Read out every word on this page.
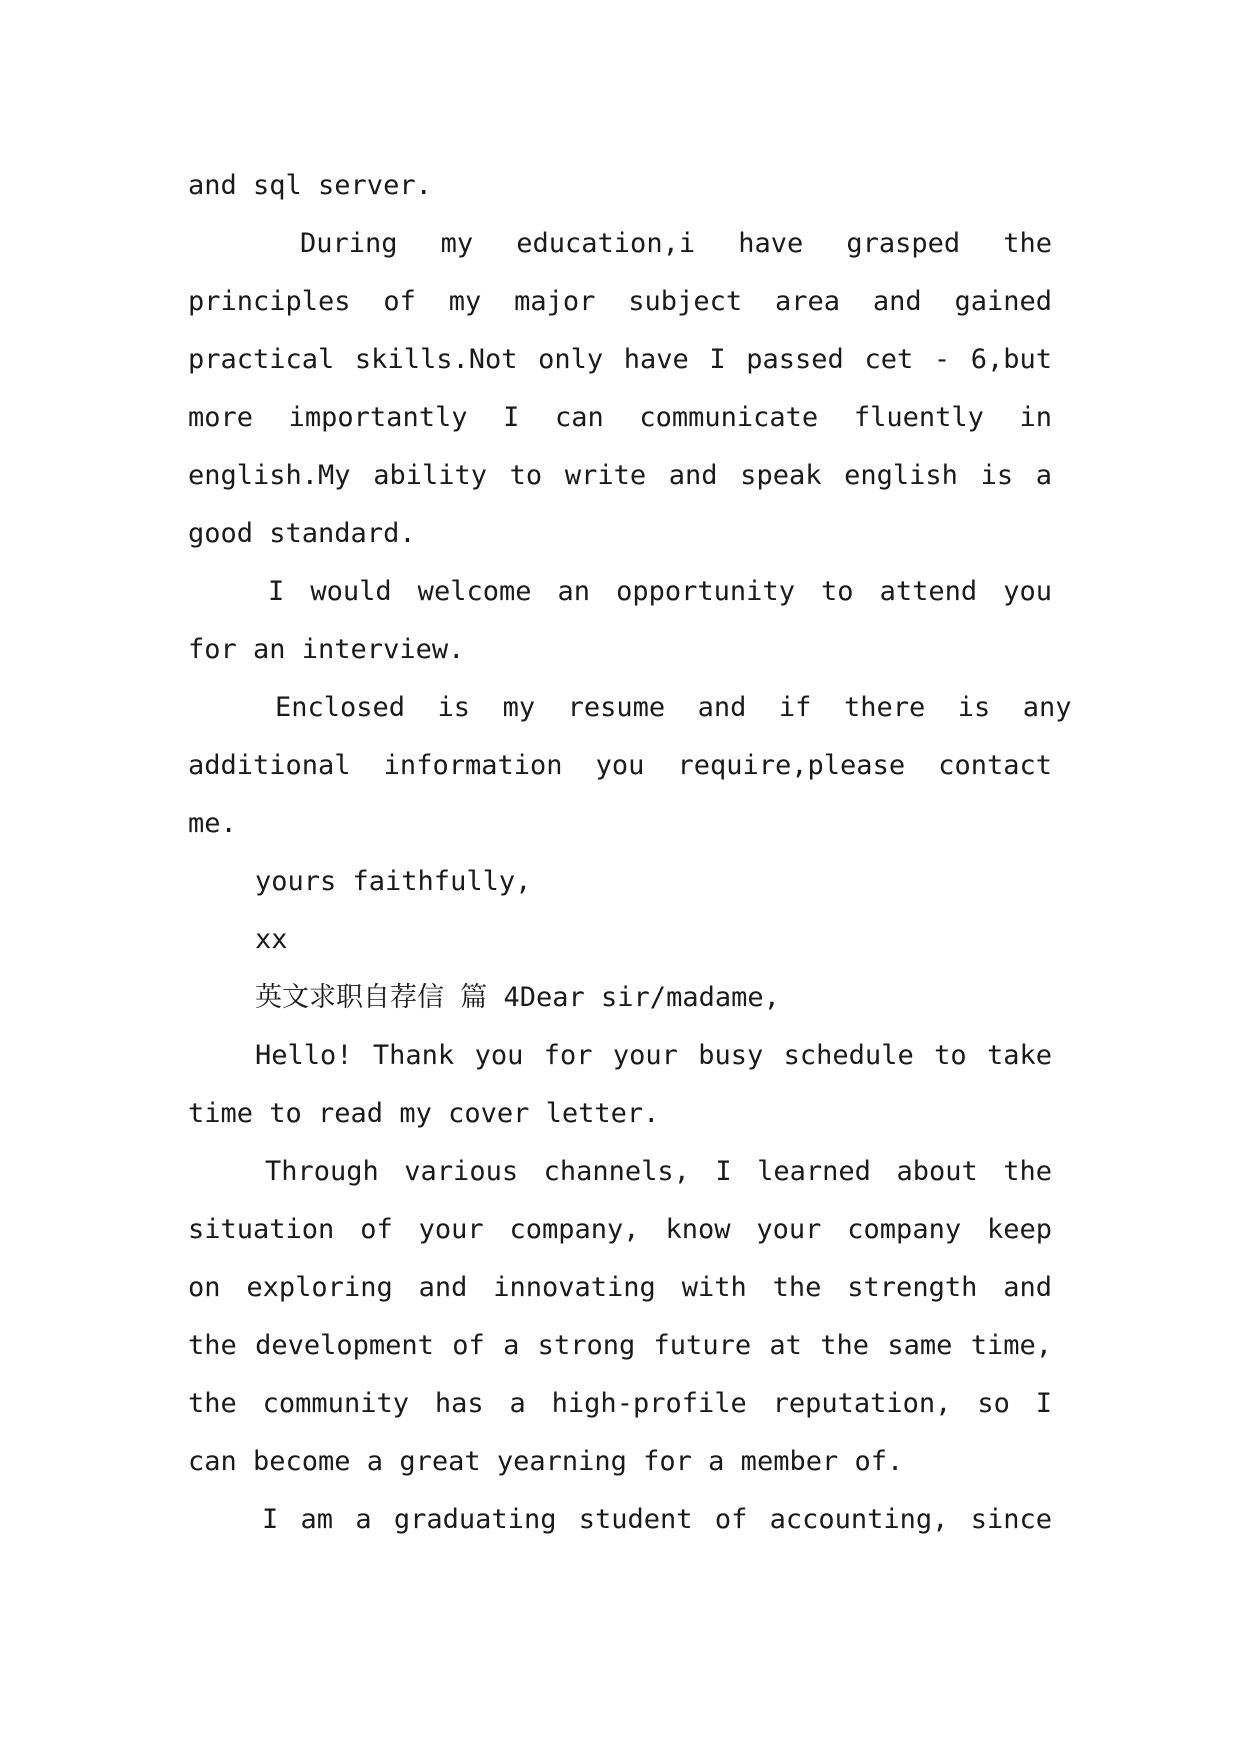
and sql server.
During  my  education,i  have  grasped  the
principles  of  my  major  subject  area  and  gained
practical skills.Not only have I passed cet - 6,but
more  importantly  I  can  communicate  fluently  in
english.My ability to write and speak english is a
good standard.
I would welcome an opportunity to attend you
for an interview.
Enclosed  is  my  resume  and  if  there  is  any
additional  information  you  require,please  contact
me.
yours faithfully,
xx
英文求职自荐信 篇 4Dear sir/madame,
Hello! Thank you for your busy schedule to take
time to read my cover letter.
Through various channels, I learned about the
situation of your company, know your company keep
on exploring and innovating with the strength and
the development of a strong future at the same time,
the community has a high-profile reputation, so I
can become a great yearning for a member of.
I am a graduating student of accounting, since
